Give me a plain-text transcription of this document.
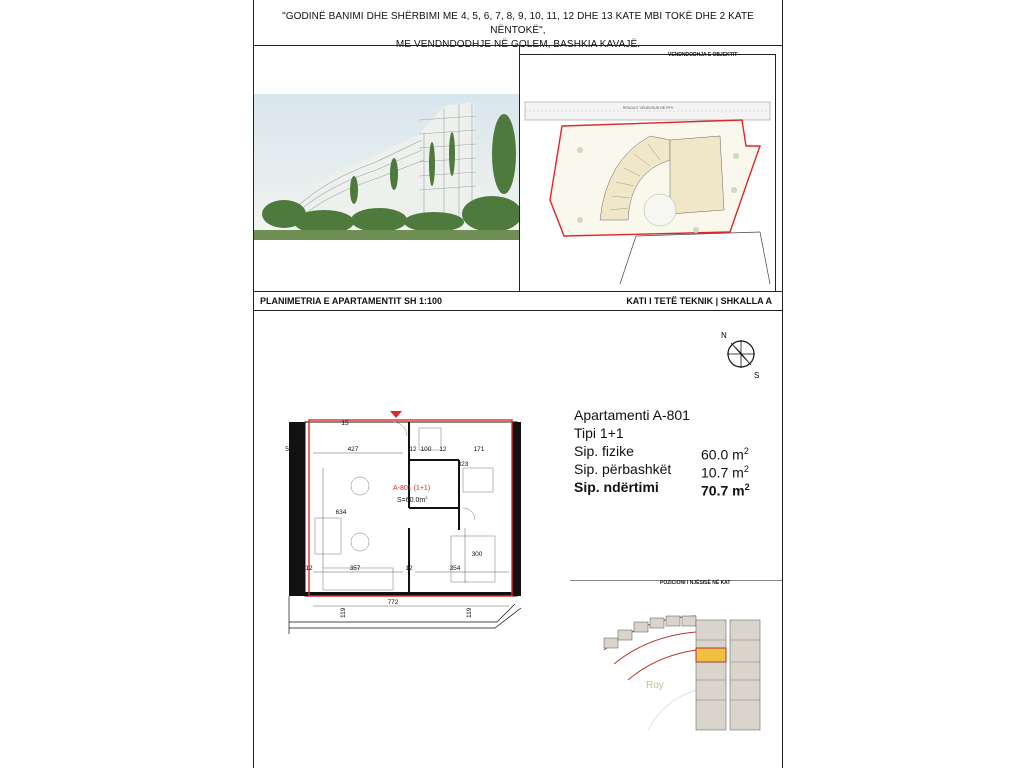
"GODINË BANIMI DHE SHËRBIMI ME 4, 5, 6, 7, 8, 9, 10, 11, 12 DHE 13 KATE MBI TOKË DHE 2 KATE NËNTOKË",
ME VENDNDODHJE NË GOLEM, BASHKIA KAVAJË.
VENDNDODHJA E OBJEKTIT
RRUGA E VENDOSUR NË PPV
PLANIMETRIA E APARTAMENTIT SH 1:100	KATI I TETË TEKNIK | SHKALLA A
N
S
Apartamenti A-801
Tipi 1+1
Sip. fizike	60.0 $m^2$
Sip. përbashkët 10.7 $m^2$
Sip. ndërtimi	70.7 $m^2$
POZICIONI I NJËSISË NË KAT
Roy
427	100	171
323
634
300
357	354
12
12
12	12
772
5
15
119	119
A-801 (1+1)
$S=60.0m^2$
